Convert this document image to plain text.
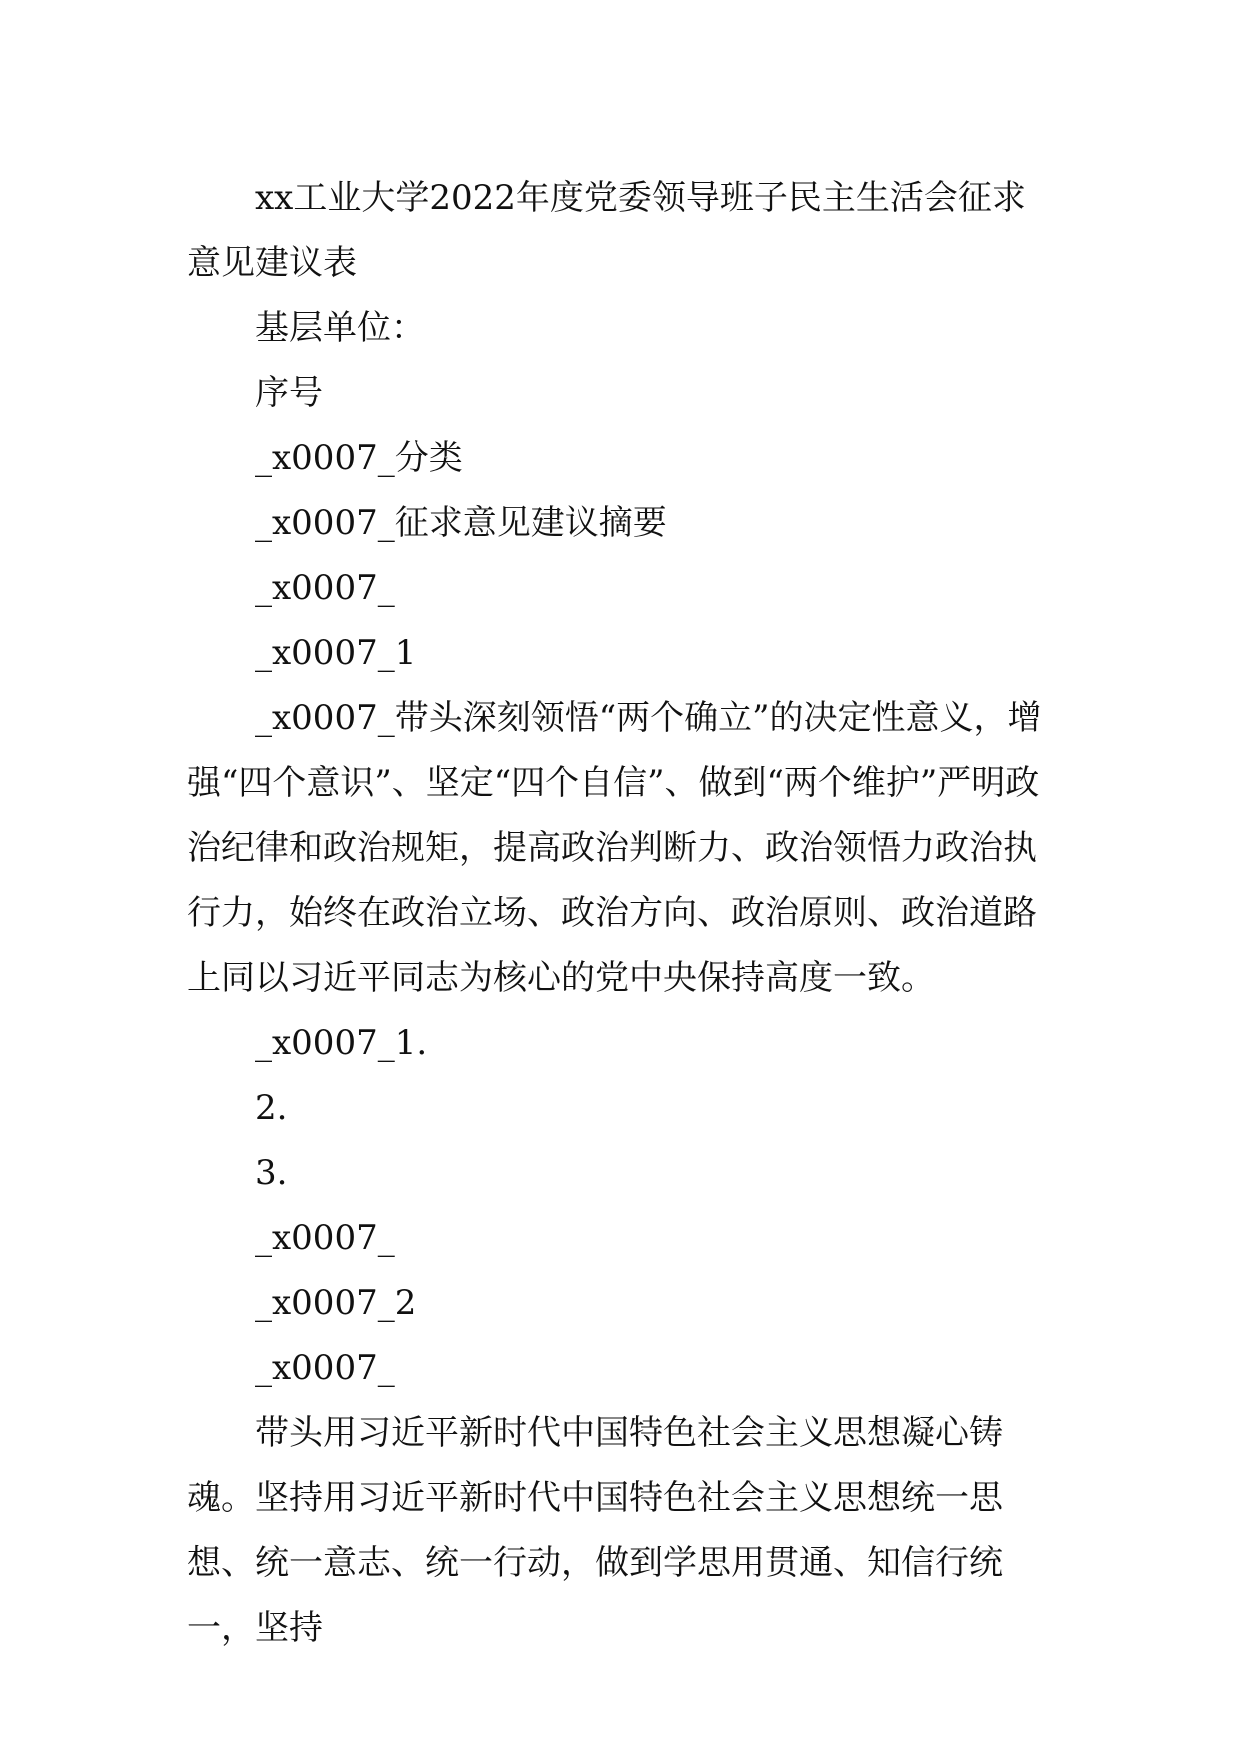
xx工业大学2022年度党委领导班子民主生活会征求意见建议表

基层单位：

序号

_x0007_分类

_x0007_征求意见建议摘要

_x0007_

_x0007_1

_x0007_带头深刻领悟“两个确立”的决定性意义，增强“四个意识”、坚定“四个自信”、做到“两个维护”严明政治纪律和政治规矩，提高政治判断力、政治领悟力政治执行力，始终在政治立场、政治方向、政治原则、政治道路上同以习近平同志为核心的党中央保持高度一致。

_x0007_1.

2.

3.

_x0007_

_x0007_2

_x0007_

带头用习近平新时代中国特色社会主义思想凝心铸魂。坚持用习近平新时代中国特色社会主义思想统一思想、统一意志、统一行动，做到学思用贯通、知信行统一，坚持
